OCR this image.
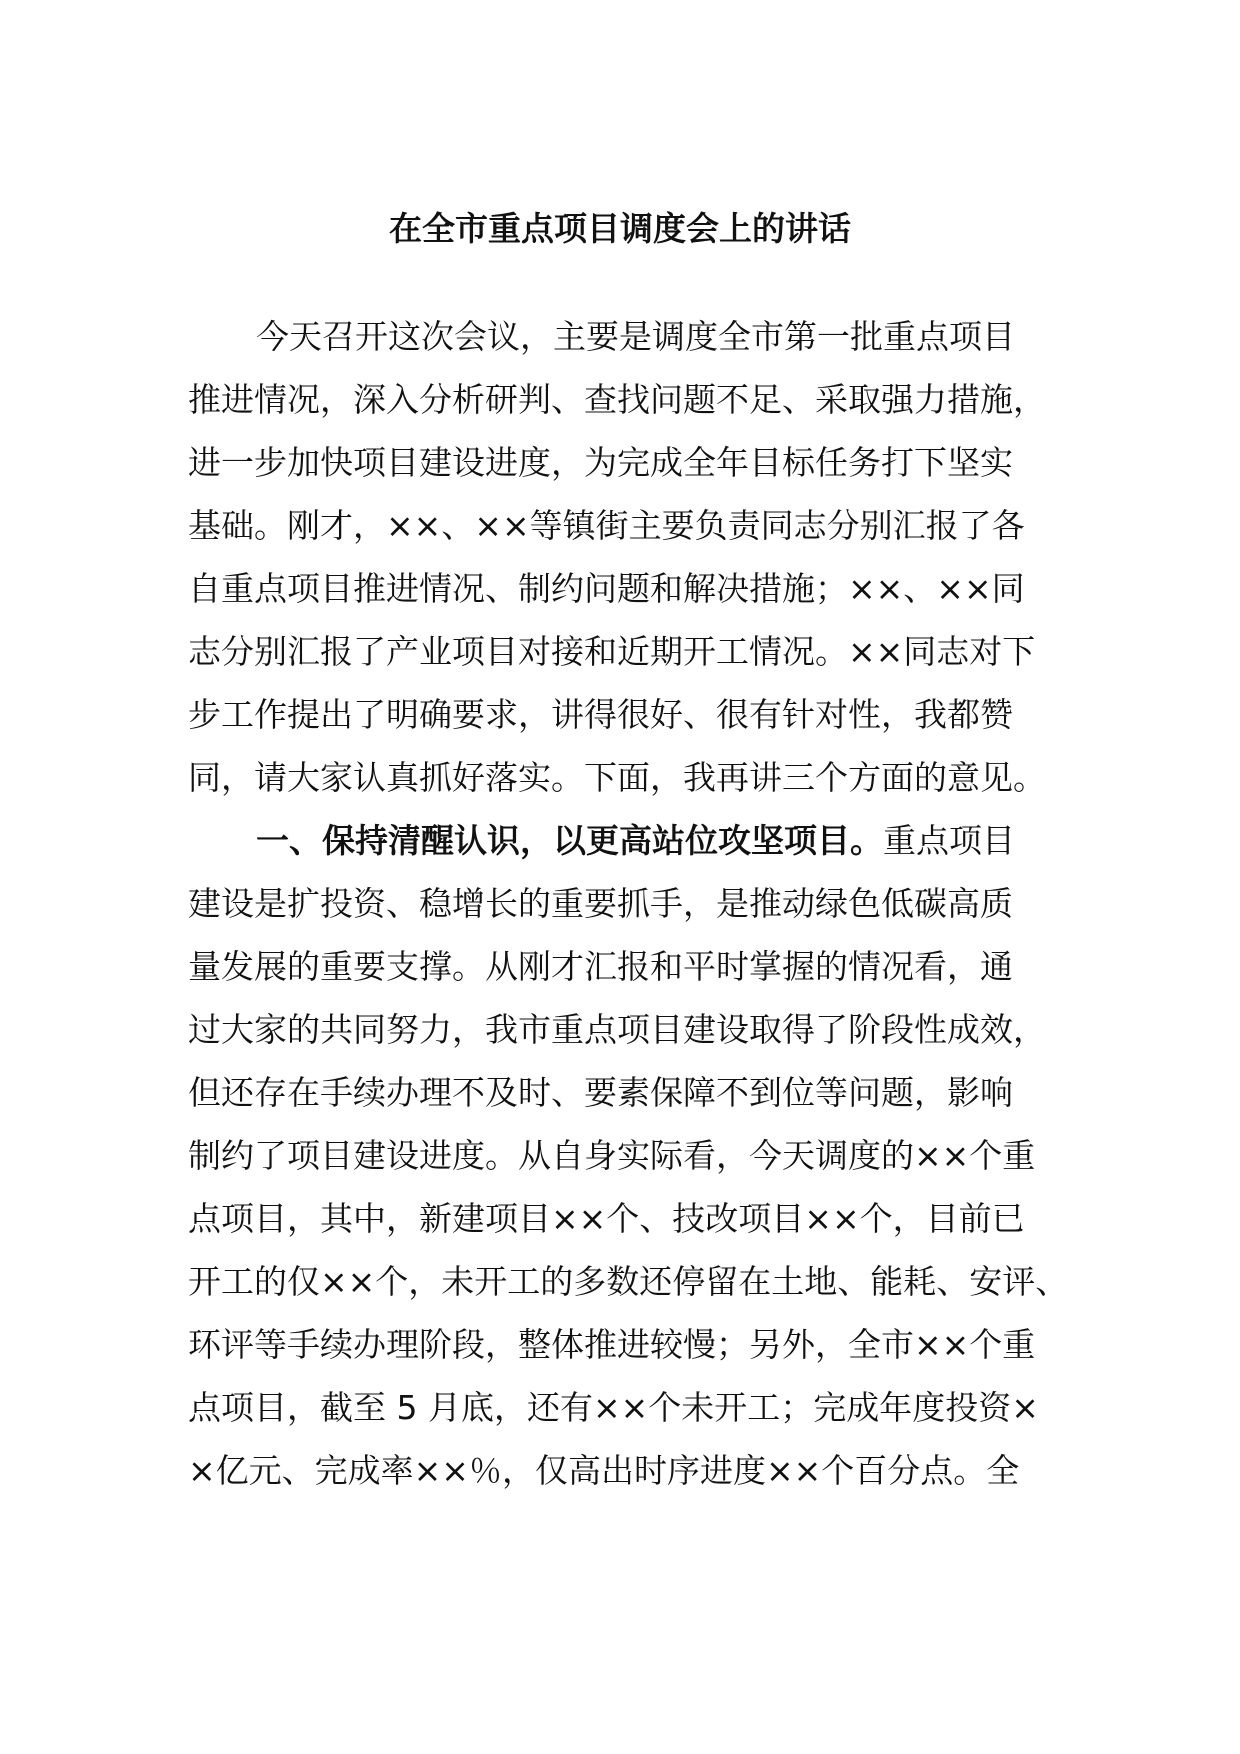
在全市重点项目调度会上的讲话

今天召开这次会议，主要是调度全市第一批重点项目

推进情况，深入分析研判、查找问题不足、采取强力措施，

进一步加快项目建设进度，为完成全年目标任务打下坚实

基础。刚才，××、××等镇街主要负责同志分别汇报了各

自重点项目推进情况、制约问题和解决措施；××、××同

志分别汇报了产业项目对接和近期开工情况。××同志对下

步工作提出了明确要求，讲得很好、很有针对性，我都赞

同，请大家认真抓好落实。下面，我再讲三个方面的意见。

一、保持清醒认识，以更高站位攻坚项目。重点项目

建设是扩投资、稳增长的重要抓手，是推动绿色低碳高质

量发展的重要支撑。从刚才汇报和平时掌握的情况看，通

过大家的共同努力，我市重点项目建设取得了阶段性成效，

但还存在手续办理不及时、要素保障不到位等问题，影响

制约了项目建设进度。从自身实际看，今天调度的××个重

点项目，其中，新建项目××个、技改项目××个，目前已

开工的仅××个，未开工的多数还停留在土地、能耗、安评、

环评等手续办理阶段，整体推进较慢；另外，全市××个重

点项目，截至 5 月底，还有××个未开工；完成年度投资×

×亿元、完成率××％，仅高出时序进度××个百分点。全
